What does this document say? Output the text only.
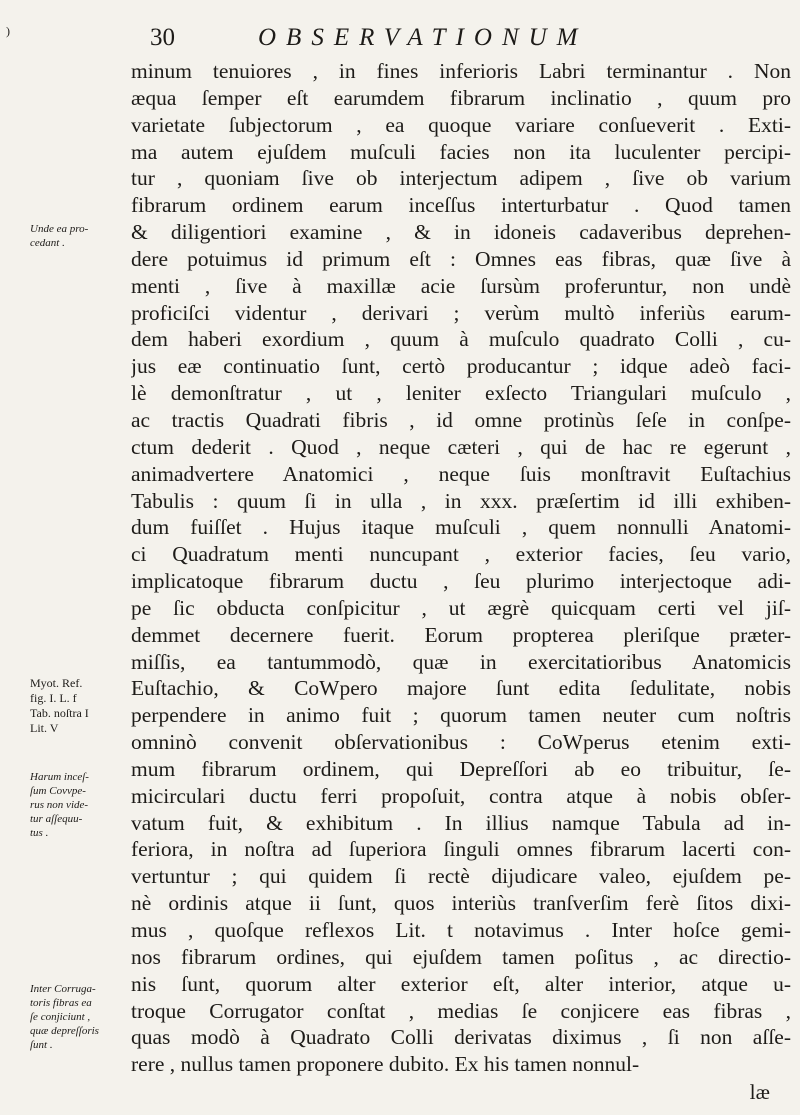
)	30	OBSERVATIONUM
minum tenuiores , in fines inferioris Labri terminantur . Non
æqua ſemper eſt earumdem fibrarum inclinatio , quum pro
varietate ſubjectorum , ea quoque variare conſueverit . Exti-
ma autem ejuſdem muſculi facies non ita luculenter percipi-
tur , quoniam ſive ob interjectum adipem , ſive ob varium
fibrarum ordinem earum inceſſus interturbatur . Quod tamen
& diligentiori examine , & in idoneis cadaveribus deprehen-
dere potuimus id primum eſt : Omnes eas fibras, quæ ſive à
menti , ſive à maxillæ acie ſursùm proferuntur, non undè
proficiſci videntur , derivari ; verùm multò inferiùs earum-
dem haberi exordium , quum à muſculo quadrato Colli , cu-
jus eæ continuatio ſunt, certò producantur ; idque adeò faci-
lè demonſtratur , ut , leniter exſecto Triangulari muſculo ,
ac tractis Quadrati fibris , id omne protinùs ſeſe in conſpe-
ctum dederit . Quod , neque cæteri , qui de hac re egerunt ,
animadvertere Anatomici , neque ſuis monſtravit Euſtachius
Tabulis : quum ſi in ulla , in xxx. præſertim id illi exhiben-
dum fuiſſet . Hujus itaque muſculi , quem nonnulli Anatomi-
ci Quadratum menti nuncupant , exterior facies, ſeu vario,
implicatoque fibrarum ductu , ſeu plurimo interjectoque adi-
pe ſic obducta conſpicitur , ut ægrè quicquam certi vel jiſ-
demmet decernere fuerit. Eorum propterea pleriſque præter-
miſſis, ea tantummodò, quæ in exercitatioribus Anatomicis
Euſtachio, & CoWpero majore ſunt edita ſedulitate, nobis
perpendere in animo fuit ; quorum tamen neuter cum noſtris
omninò convenit obſervationibus : CoWperus etenim exti-
mum fibrarum ordinem, qui Depreſſori ab eo tribuitur, ſe-
micirculari ductu ferri propoſuit, contra atque à nobis obſer-
vatum fuit, & exhibitum . In illius namque Tabula ad in-
feriora, in noſtra ad ſuperiora ſinguli omnes fibrarum lacerti con-
vertuntur ; qui quidem ſi rectè dijudicare valeo, ejuſdem pe-
nè ordinis atque ii ſunt, quos interiùs tranſverſim ferè ſitos dixi-
mus , quoſque reflexos Lit. t notavimus . Inter hoſce gemi-
nos fibrarum ordines, qui ejuſdem tamen poſitus , ac directio-
nis ſunt, quorum alter exterior eſt, alter interior, atque u-
troque Corrugator conſtat , medias ſe conjicere eas fibras ,
quas modò à Quadrato Colli derivatas diximus , ſi non aſſe-
rere , nullus tamen proponere dubito. Ex his tamen nonnul-
Unde ea pro-
cedant .
Myot. Ref.
fig. I. L. f
Tab. noſtra I
Lit. V
Harum inceſ-
ſum Covvpe-
rus non vide-
tur aſſequu-
tus .
Inter Corruga-
toris fibras ea
ſe conjiciunt ,
quæ depreſſoris
ſunt .
læ
